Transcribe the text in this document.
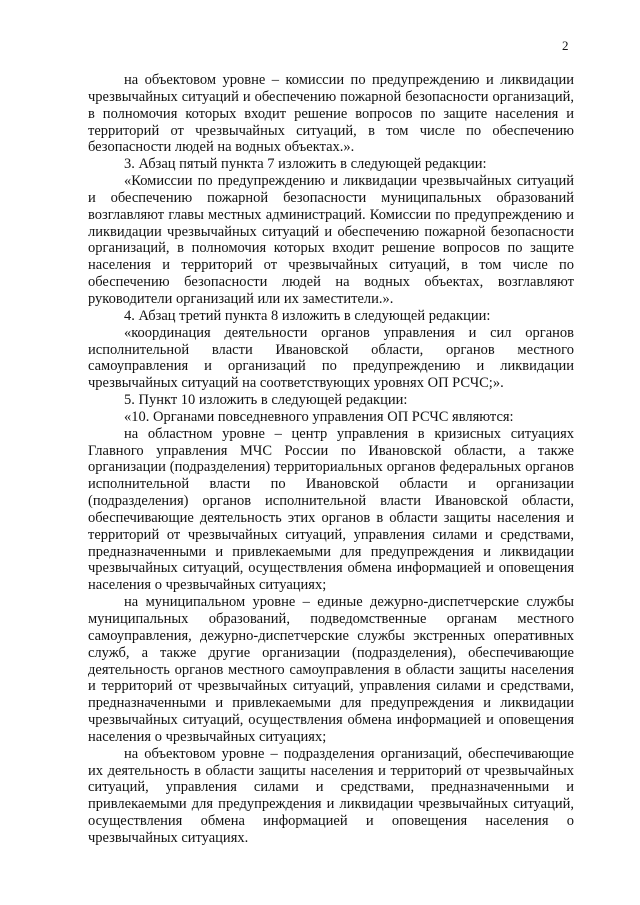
2

на объектовом уровне – комиссии по предупреждению и ликвидации чрезвычайных ситуаций и обеспечению пожарной безопасности организаций, в полномочия которых входит решение вопросов по защите населения и территорий от чрезвычайных ситуаций, в том числе по обеспечению безопасности людей на водных объектах.».

3. Абзац пятый пункта 7 изложить в следующей редакции:

«Комиссии по предупреждению и ликвидации чрезвычайных ситуаций и обеспечению пожарной безопасности муниципальных образований возглавляют главы местных администраций. Комиссии по предупреждению и ликвидации чрезвычайных ситуаций и обеспечению пожарной безопасности организаций, в полномочия которых входит решение вопросов по защите населения и территорий от чрезвычайных ситуаций, в том числе по обеспечению безопасности людей на водных объектах, возглавляют руководители организаций или их заместители.».

4. Абзац третий пункта 8 изложить в следующей редакции:

«координация деятельности органов управления и сил органов исполнительной власти Ивановской области, органов местного самоуправления и организаций по предупреждению и ликвидации чрезвычайных ситуаций на соответствующих уровнях ОП РСЧС;».

5. Пункт 10 изложить в следующей редакции:

«10. Органами повседневного управления ОП РСЧС являются:

на областном уровне – центр управления в кризисных ситуациях Главного управления МЧС России по Ивановской области, а также организации (подразделения) территориальных органов федеральных органов исполнительной власти по Ивановской области и организации (подразделения) органов исполнительной власти Ивановской области, обеспечивающие деятельность этих органов в области защиты населения и территорий от чрезвычайных ситуаций, управления силами и средствами, предназначенными и привлекаемыми для предупреждения и ликвидации чрезвычайных ситуаций, осуществления обмена информацией и оповещения населения о чрезвычайных ситуациях;

на муниципальном уровне – единые дежурно-диспетчерские службы муниципальных образований, подведомственные органам местного самоуправления, дежурно-диспетчерские службы экстренных оперативных служб, а также другие организации (подразделения), обеспечивающие деятельность органов местного самоуправления в области защиты населения и территорий от чрезвычайных ситуаций, управления силами и средствами, предназначенными и привлекаемыми для предупреждения и ликвидации чрезвычайных ситуаций, осуществления обмена информацией и оповещения населения о чрезвычайных ситуациях;

на объектовом уровне – подразделения организаций, обеспечивающие их деятельность в области защиты населения и территорий от чрезвычайных ситуаций, управления силами и средствами, предназначенными и привлекаемыми для предупреждения и ликвидации чрезвычайных ситуаций, осуществления обмена информацией и оповещения населения о чрезвычайных ситуациях.
